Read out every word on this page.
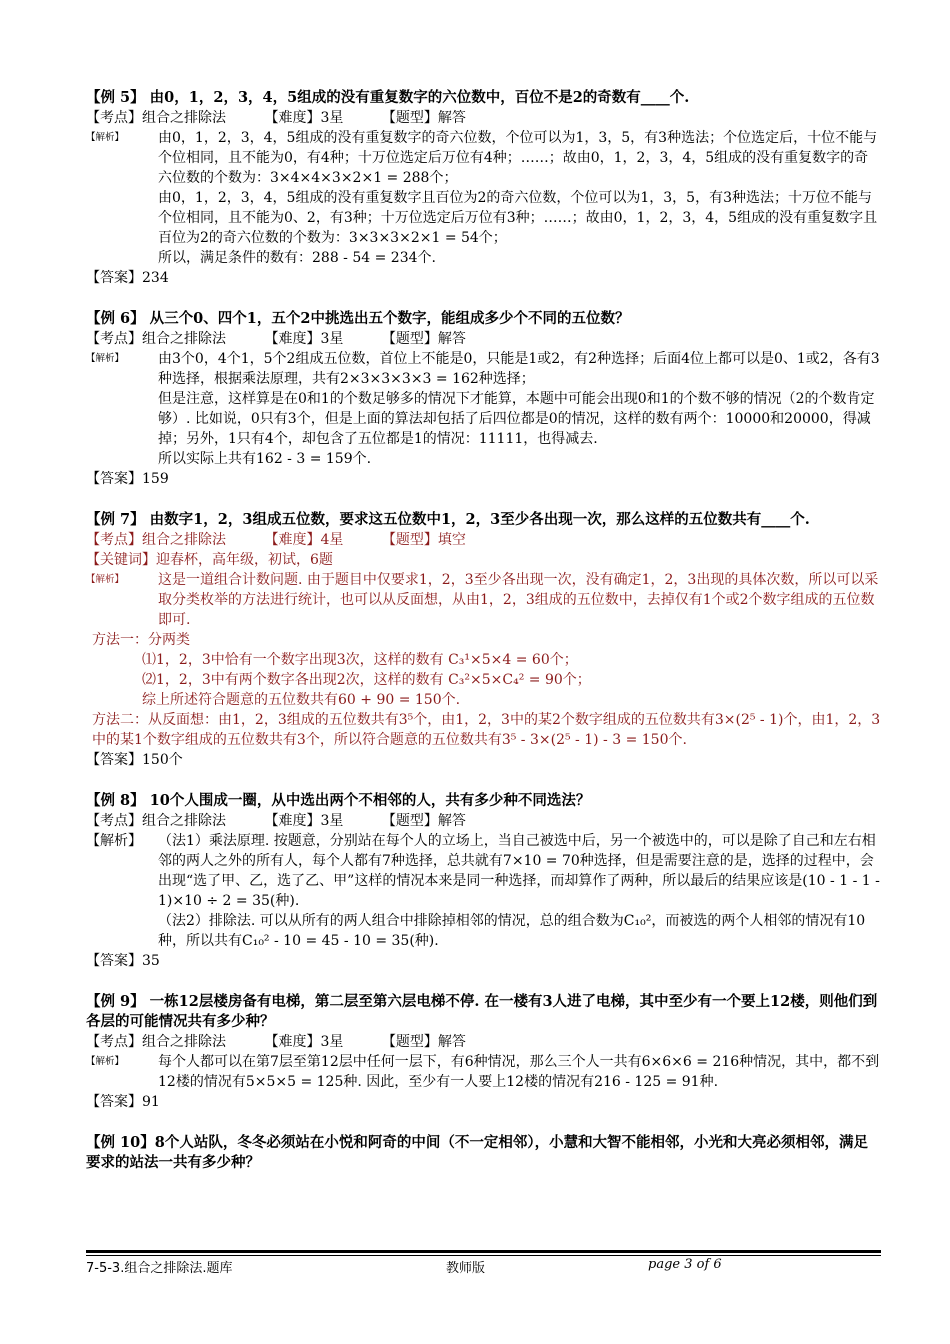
【例 5】 由0，1，2，3，4，5组成的没有重复数字的六位数中，百位不是2的奇数有____个.
【考点】组合之排除法	【难度】3星	【题型】解答
【解析】	由0，1，2，3，4，5组成的没有重复数字的奇六位数，个位可以为1，3，5，有3种选法；个位选定后，十位不能与个位相同，且不能为0，有4种；十万位选定后万位有4种；……；故由0，1，2，3，4，5组成的没有重复数字的奇六位数的个数为：3×4×4×3×2×1 = 288个；
由0，1，2，3，4，5组成的没有重复数字且百位为2的奇六位数，个位可以为1，3，5，有3种选法；十万位不能与个位相同，且不能为0、2，有3种；十万位选定后万位有3种；……；故由0，1，2，3，4，5组成的没有重复数字且百位为2的奇六位数的个数为：3×3×3×2×1 = 54个；
所以，满足条件的数有：288 - 54 = 234个.
【答案】234
【例 6】 从三个0、四个1，五个2中挑选出五个数字，能组成多少个不同的五位数？
【考点】组合之排除法	【难度】3星	【题型】解答
【解析】	由3个0，4个1，5个2组成五位数，首位上不能是0，只能是1或2，有2种选择；后面4位上都可以是0、1或2，各有3种选择，根据乘法原理，共有2×3×3×3×3 = 162种选择；
但是注意，这样算是在0和1的个数足够多的情况下才能算，本题中可能会出现0和1的个数不够的情况（2的个数肯定够）. 比如说，0只有3个，但是上面的算法却包括了后四位都是0的情况，这样的数有两个：10000和20000，得减掉；另外，1只有4个，却包含了五位都是1的情况：11111，也得减去.
所以实际上共有162 - 3 = 159个.
【答案】159
【例 7】 由数字1，2，3组成五位数，要求这五位数中1，2，3至少各出现一次，那么这样的五位数共有____个.
【考点】组合之排除法	【难度】4星	【题型】填空
【关键词】迎春杯，高年级，初试，6题
【解析】	这是一道组合计数问题. 由于题目中仅要求1，2，3至少各出现一次，没有确定1，2，3出现的具体次数，所以可以采取分类枚举的方法进行统计，也可以从反面想，从由1，2，3组成的五位数中，去掉仅有1个或2个数字组成的五位数即可.
方法一：分两类
⑴1，2，3中恰有一个数字出现3次，这样的数有 C₃¹×5×4 = 60个；
⑵1，2，3中有两个数字各出现2次，这样的数有 C₃²×5×C₄² = 90个；
综上所述符合题意的五位数共有60 + 90 = 150个.
方法二：从反面想：由1，2，3组成的五位数共有3⁵个，由1，2，3中的某2个数字组成的五位数共有3×(2⁵ - 1)个，由1，2，3中的某1个数字组成的五位数共有3个，所以符合题意的五位数共有3⁵ - 3×(2⁵ - 1) - 3 = 150个.
【答案】150个
【例 8】 10个人围成一圈，从中选出两个不相邻的人，共有多少种不同选法？
【考点】组合之排除法	【难度】3星	【题型】解答
【解析】	（法1）乘法原理. 按题意，分别站在每个人的立场上，当自己被选中后，另一个被选中的，可以是除了自己和左右相邻的两人之外的所有人，每个人都有7种选择，总共就有7×10 = 70种选择，但是需要注意的是，选择的过程中，会出现“选了甲、乙，选了乙、甲”这样的情况本来是同一种选择，而却算作了两种，所以最后的结果应该是(10 - 1 - 1 - 1)×10 ÷ 2 = 35(种).
（法2）排除法. 可以从所有的两人组合中排除掉相邻的情况，总的组合数为C₁₀²，而被选的两个人相邻的情况有10种，所以共有C₁₀² - 10 = 45 - 10 = 35(种).
【答案】35
【例 9】 一栋12层楼房备有电梯，第二层至第六层电梯不停. 在一楼有3人进了电梯，其中至少有一个要上12楼，则他们到各层的可能情况共有多少种？
【考点】组合之排除法	【难度】3星	【题型】解答
【解析】	每个人都可以在第7层至第12层中任何一层下，有6种情况，那么三个人一共有6×6×6 = 216种情况，其中，都不到12楼的情况有5×5×5 = 125种. 因此，至少有一人要上12楼的情况有216 - 125 = 91种.
【答案】91
【例 10】8个人站队，冬冬必须站在小悦和阿奇的中间（不一定相邻），小慧和大智不能相邻，小光和大亮必须相邻，满足要求的站法一共有多少种？
7-5-3.组合之排除法.题库	教师版	page 3 of 6
